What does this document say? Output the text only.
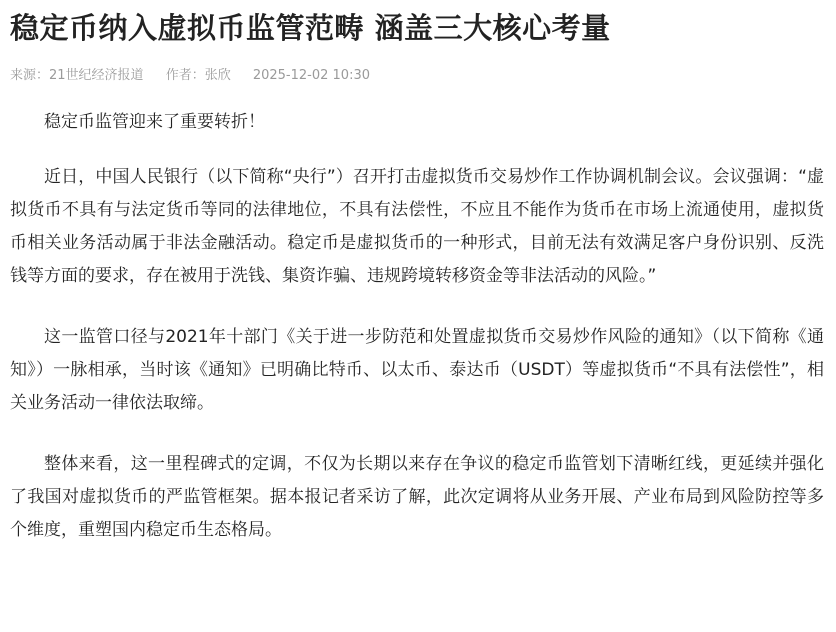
稳定币纳入虚拟币监管范畴 涵盖三大核心考量
来源：21世纪经济报道 作者：张欣 2025-12-02 10:30

稳定币监管迎来了重要转折！

近日，中国人民银行（以下简称“央行”）召开打击虚拟货币交易炒作工作协调机制会议。会议强调：“虚拟货币不具有与法定货币等同的法律地位，不具有法偿性，不应且不能作为货币在市场上流通使用，虚拟货币相关业务活动属于非法金融活动。稳定币是虚拟货币的一种形式，目前无法有效满足客户身份识别、反洗钱等方面的要求，存在被用于洗钱、集资诈骗、违规跨境转移资金等非法活动的风险。”

这一监管口径与2021年十部门《关于进一步防范和处置虚拟货币交易炒作风险的通知》（以下简称《通知》）一脉相承，当时该《通知》已明确比特币、以太币、泰达币（USDT）等虚拟货币“不具有法偿性”，相关业务活动一律依法取缔。

整体来看，这一里程碑式的定调，不仅为长期以来存在争议的稳定币监管划下清晰红线，更延续并强化了我国对虚拟货币的严监管框架。据本报记者采访了解，此次定调将从业务开展、产业布局到风险防控等多个维度，重塑国内稳定币生态格局。
